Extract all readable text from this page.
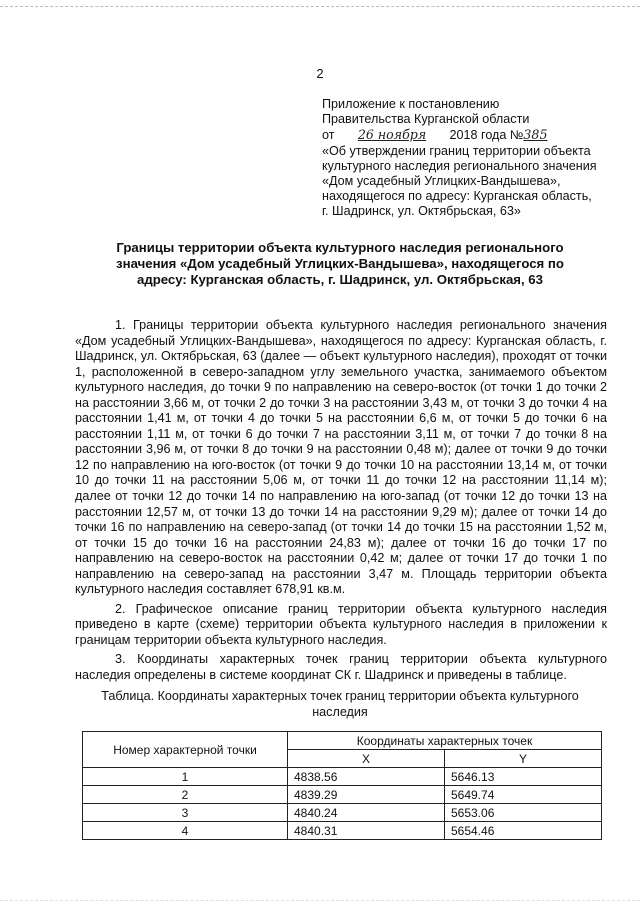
2
Приложение к постановлению
Правительства Курганской области
от 26 ноября 2018 года №385
«Об утверждении границ территории объекта
культурного наследия регионального значения
«Дом усадебный Углицких-Вандышева»,
находящегося по адресу: Курганская область,
г. Шадринск, ул. Октябрьская, 63»
Границы территории объекта культурного наследия регионального значения «Дом усадебный Углицких-Вандышева», находящегося по адресу: Курганская область, г. Шадринск, ул. Октябрьская, 63

1. Границы территории объекта культурного наследия регионального значения «Дом усадебный Углицких-Вандышева», находящегося по адресу: Курганская область, г. Шадринск, ул. Октябрьская, 63 (далее — объект культурного наследия), проходят от точки 1, расположенной в северо-западном углу земельного участка, занимаемого объектом культурного наследия, до точки 9 по направлению на северо-восток (от точки 1 до точки 2 на расстоянии 3,66 м, от точки 2 до точки 3 на расстоянии 3,43 м, от точки 3 до точки 4 на расстоянии 1,41 м, от точки 4 до точки 5 на расстоянии 6,6 м, от точки 5 до точки 6 на расстоянии 1,11 м, от точки 6 до точки 7 на расстоянии 3,11 м, от точки 7 до точки 8 на расстоянии 3,96 м, от точки 8 до точки 9 на расстоянии 0,48 м); далее от точки 9 до точки 12 по направлению на юго-восток (от точки 9 до точки 10 на расстоянии 13,14 м, от точки 10 до точки 11 на расстоянии 5,06 м, от точки 11 до точки 12 на расстоянии 11,14 м); далее от точки 12 до точки 14 по направлению на юго-запад (от точки 12 до точки 13 на расстоянии 12,57 м, от точки 13 до точки 14 на расстоянии 9,29 м); далее от точки 14 до точки 16 по направлению на северо-запад (от точки 14 до точки 15 на расстоянии 1,52 м, от точки 15 до точки 16 на расстоянии 24,83 м); далее от точки 16 до точки 17 по направлению на северо-восток на расстоянии 0,42 м; далее от точки 17 до точки 1 по направлению на северо-запад на расстоянии 3,47 м. Площадь территории объекта культурного наследия составляет 678,91 кв.м.

2. Графическое описание границ территории объекта культурного наследия приведено в карте (схеме) территории объекта культурного наследия в приложении к границам территории объекта культурного наследия.

3. Координаты характерных точек границ территории объекта культурного наследия определены в системе координат СК г. Шадринск и приведены в таблице.

Таблица. Координаты характерных точек границ территории объекта культурного наследия
Номер характерной точки	Координаты характерных точек	
	X	Y
1	4838.56	5646.13
2	4839.29	5649.74
3	4840.24	5653.06
4	4840.31	5654.46
